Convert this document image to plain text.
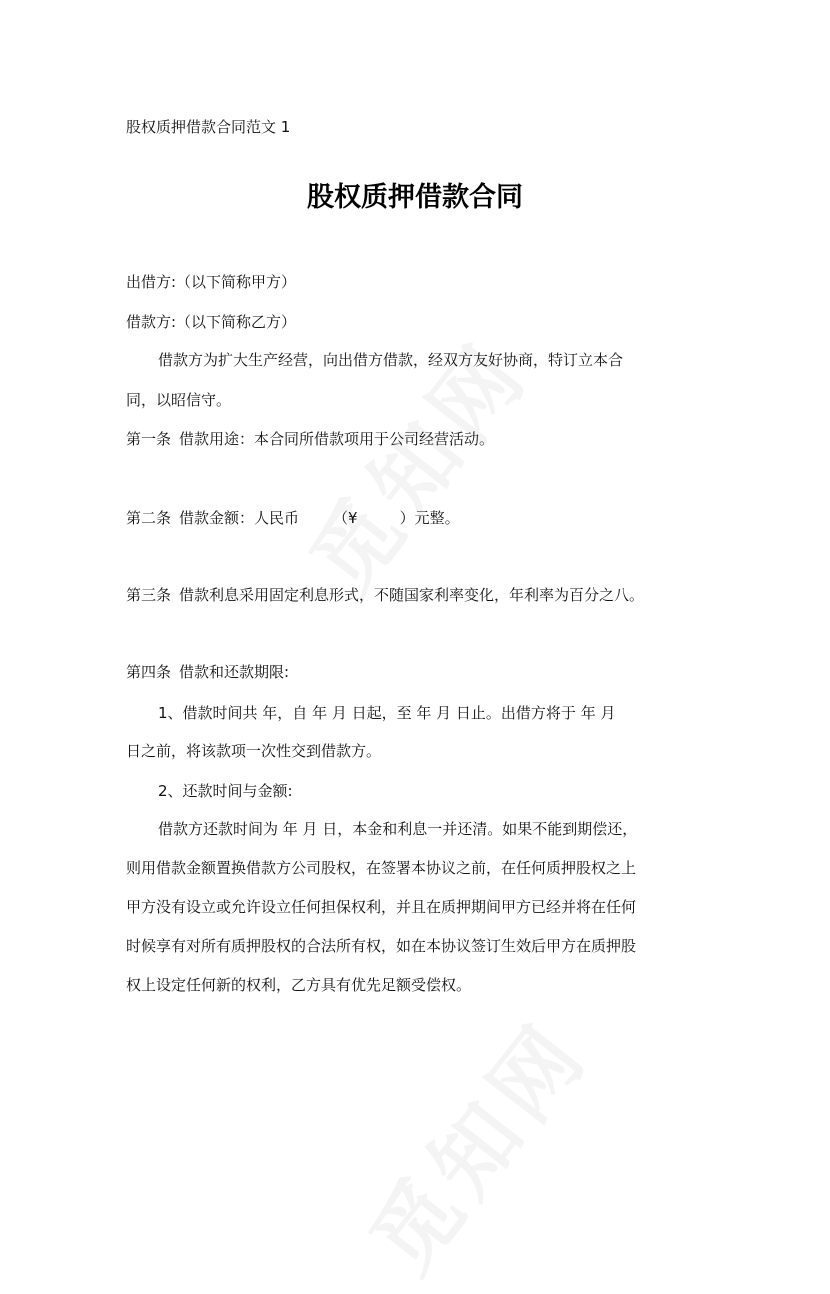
股权质押借款合同范文 1
股权质押借款合同
出借方:（以下简称甲方）
借款方:（以下简称乙方）
借款方为扩大生产经营，向出借方借款，经双方友好协商，特订立本合
同，以昭信守。
第一条 借款用途：本合同所借款项用于公司经营活动。
第二条 借款金额：人民币 （¥	）元整。
第三条 借款利息采用固定利息形式，不随国家利率变化，年利率为百分之八。
第四条 借款和还款期限:
1、借款时间共 年，自 年 月 日起，至 年 月 日止。出借方将于 年 月
日之前，将该款项一次性交到借款方。
2、还款时间与金额:
借款方还款时间为 年 月 日，本金和利息一并还清。如果不能到期偿还，
则用借款金额置换借款方公司股权，在签署本协议之前，在任何质押股权之上
甲方没有设立或允许设立任何担保权利，并且在质押期间甲方已经并将在任何
时候享有对所有质押股权的合法所有权，如在本协议签订生效后甲方在质押股
权上设定任何新的权利，乙方具有优先足额受偿权。
